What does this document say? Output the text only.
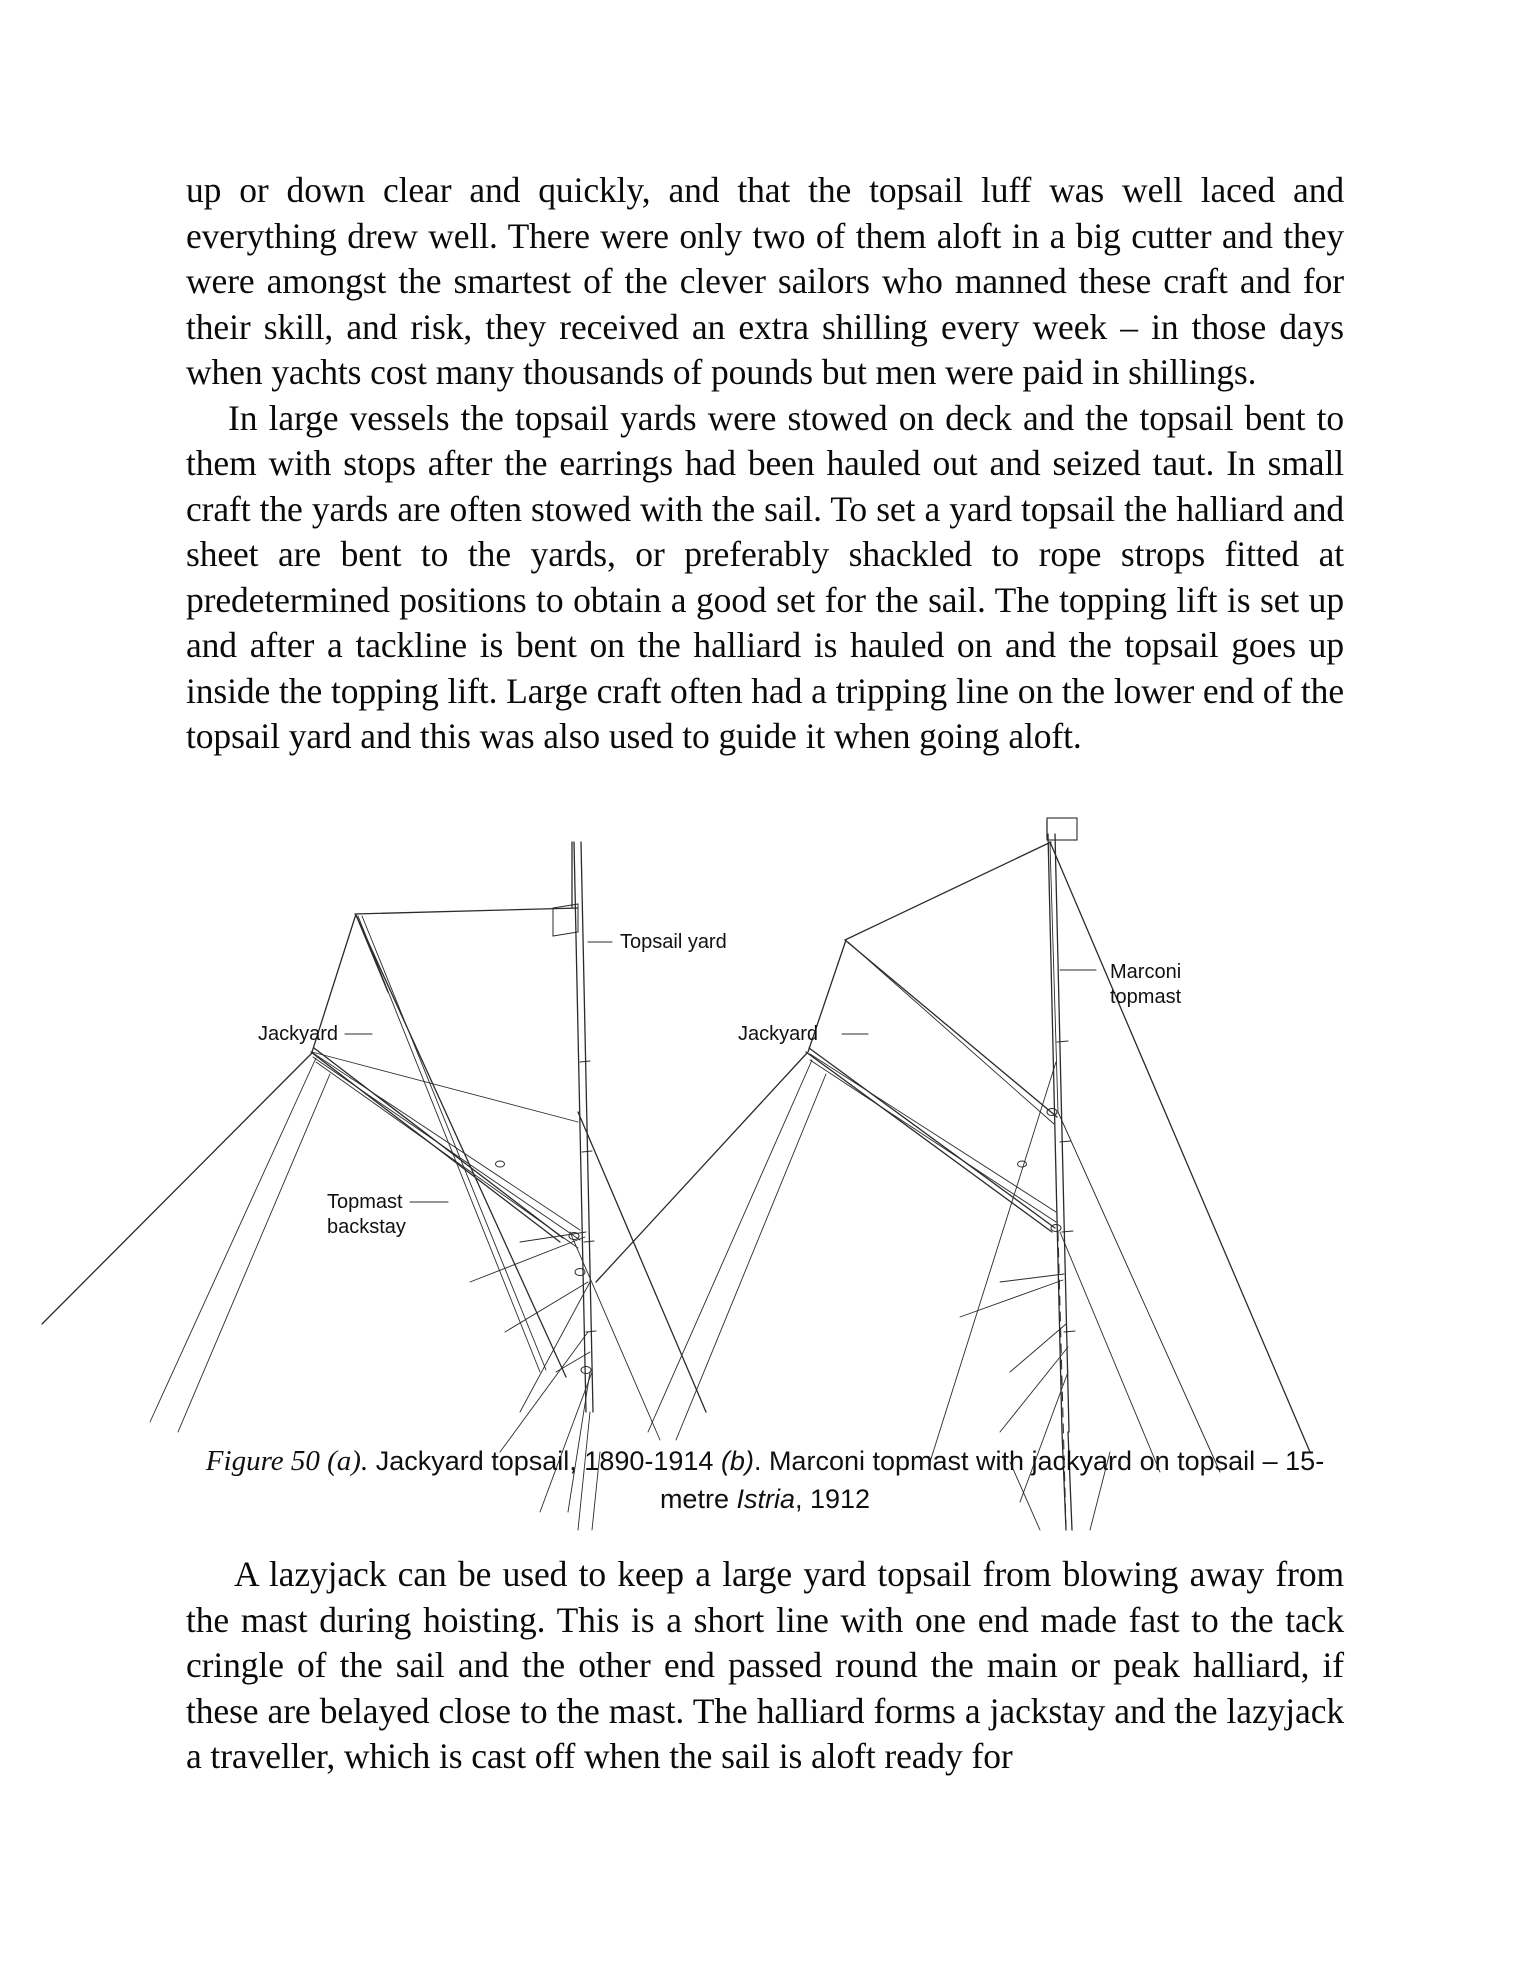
up or down clear and quickly, and that the topsail luff was well laced and everything drew well. There were only two of them aloft in a big cutter and they were amongst the smartest of the clever sailors who manned these craft and for their skill, and risk, they received an extra shilling every week – in those days when yachts cost many thousands of pounds but men were paid in shillings.

In large vessels the topsail yards were stowed on deck and the topsail bent to them with stops after the earrings had been hauled out and seized taut. In small craft the yards are often stowed with the sail. To set a yard topsail the halliard and sheet are bent to the yards, or preferably shackled to rope strops fitted at predetermined positions to obtain a good set for the sail. The topping lift is set up and after a tackline is bent on the halliard is hauled on and the topsail goes up inside the topping lift. Large craft often had a tripping line on the lower end of the topsail yard and this was also used to guide it when going aloft.

Topsail yard
Jackyard
Topmast
backstay
Marconi
topmast
Jackyard
Figure 50 (a). Jackyard topsail, 1890-1914 (b). Marconi topmast with jackyard on topsail – 15-metre Istria, 1912

A lazyjack can be used to keep a large yard topsail from blowing away from the mast during hoisting. This is a short line with one end made fast to the tack cringle of the sail and the other end passed round the main or peak halliard, if these are belayed close to the mast. The halliard forms a jackstay and the lazyjack a traveller, which is cast off when the sail is aloft ready for
